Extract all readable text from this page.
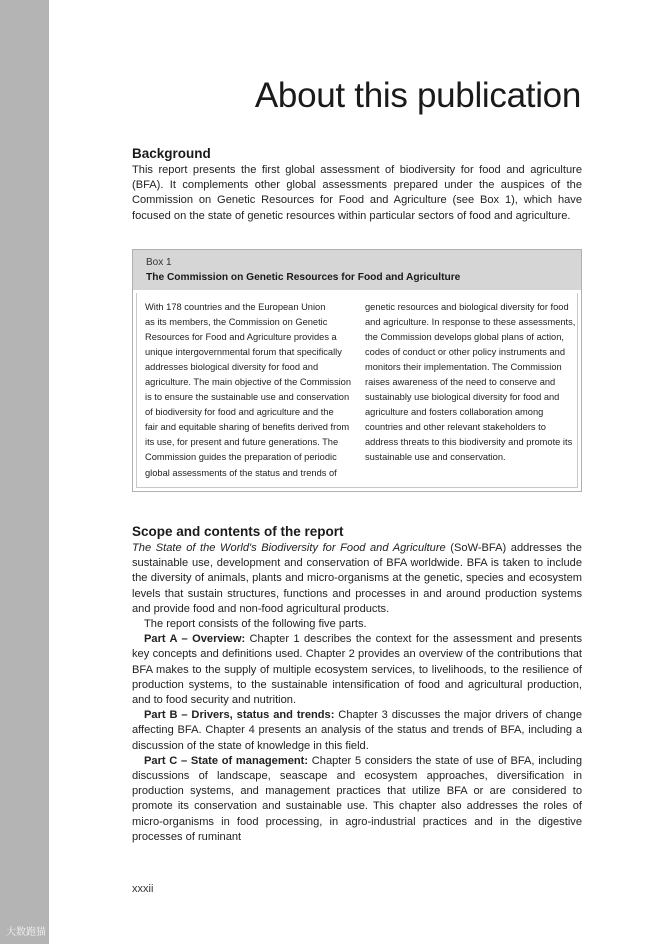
About this publication
Background

This report presents the first global assessment of biodiversity for food and agriculture (BFA). It complements other global assessments prepared under the auspices of the Commission on Genetic Resources for Food and Agriculture (see Box 1), which have focused on the state of genetic resources within particular sectors of food and agriculture.

Box 1
The Commission on Genetic Resources for Food and Agriculture
With 178 countries and the European Union
as its members, the Commission on Genetic
Resources for Food and Agriculture provides a
unique intergovernmental forum that specifically
addresses biological diversity for food and
agriculture. The main objective of the Commission
is to ensure the sustainable use and conservation
of biodiversity for food and agriculture and the
fair and equitable sharing of benefits derived from
its use, for present and future generations. The
Commission guides the preparation of periodic
global assessments of the status and trends of
genetic resources and biological diversity for food
and agriculture. In response to these assessments,
the Commission develops global plans of action,
codes of conduct or other policy instruments and
monitors their implementation. The Commission
raises awareness of the need to conserve and
sustainably use biological diversity for food and
agriculture and fosters collaboration among
countries and other relevant stakeholders to
address threats to this biodiversity and promote its
sustainable use and conservation.
Scope and contents of the report

The State of the World's Biodiversity for Food and Agriculture (SoW-BFA) addresses the sustainable use, development and conservation of BFA worldwide. BFA is taken to include the diversity of animals, plants and micro-organisms at the genetic, species and ecosystem levels that sustain structures, functions and processes in and around production systems and provide food and non-food agricultural products.

The report consists of the following five parts.

Part A – Overview: Chapter 1 describes the context for the assessment and presents key concepts and definitions used. Chapter 2 provides an overview of the contributions that BFA makes to the supply of multiple ecosystem services, to livelihoods, to the resilience of production systems, to the sustainable intensification of food and agricultural production, and to food security and nutrition.

Part B – Drivers, status and trends: Chapter 3 discusses the major drivers of change affecting BFA. Chapter 4 presents an analysis of the status and trends of BFA, including a discussion of the state of knowledge in this field.

Part C – State of management: Chapter 5 considers the state of use of BFA, including discussions of landscape, seascape and ecosystem approaches, diversification in production systems, and management practices that utilize BFA or are considered to promote its conservation and sustainable use. This chapter also addresses the roles of micro-organisms in food processing, in agro-industrial practices and in the digestive processes of ruminant

xxxii
大数跑猫
